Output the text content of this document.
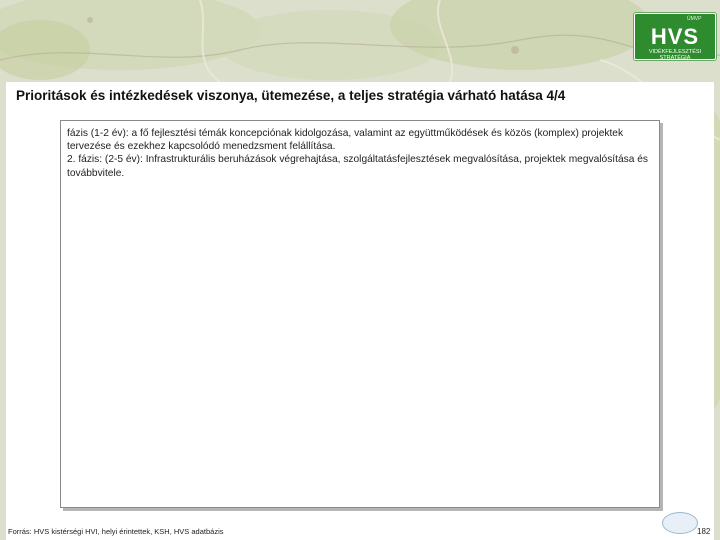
ÚMVP
HVS
VIDÉKFEJLESZTÉSI STRATÉGIA
Prioritások és intézkedések viszonya, ütemezése, a teljes stratégia várható hatása 4/4

fázis (1-2 év): a fő fejlesztési témák koncepciónak kidolgozása, valamint az együttműködések és közös (komplex) projektek tervezése és ezekhez kapcsolódó menedzsment felállítása.

2. fázis: (2-5 év): Infrastrukturális beruházások végrehajtása, szolgáltatásfejlesztések megvalósítása, projektek megvalósítása és továbbvitele.

Forrás: HVS kistérségi HVI, helyi érintettek, KSH, HVS adatbázis	182
